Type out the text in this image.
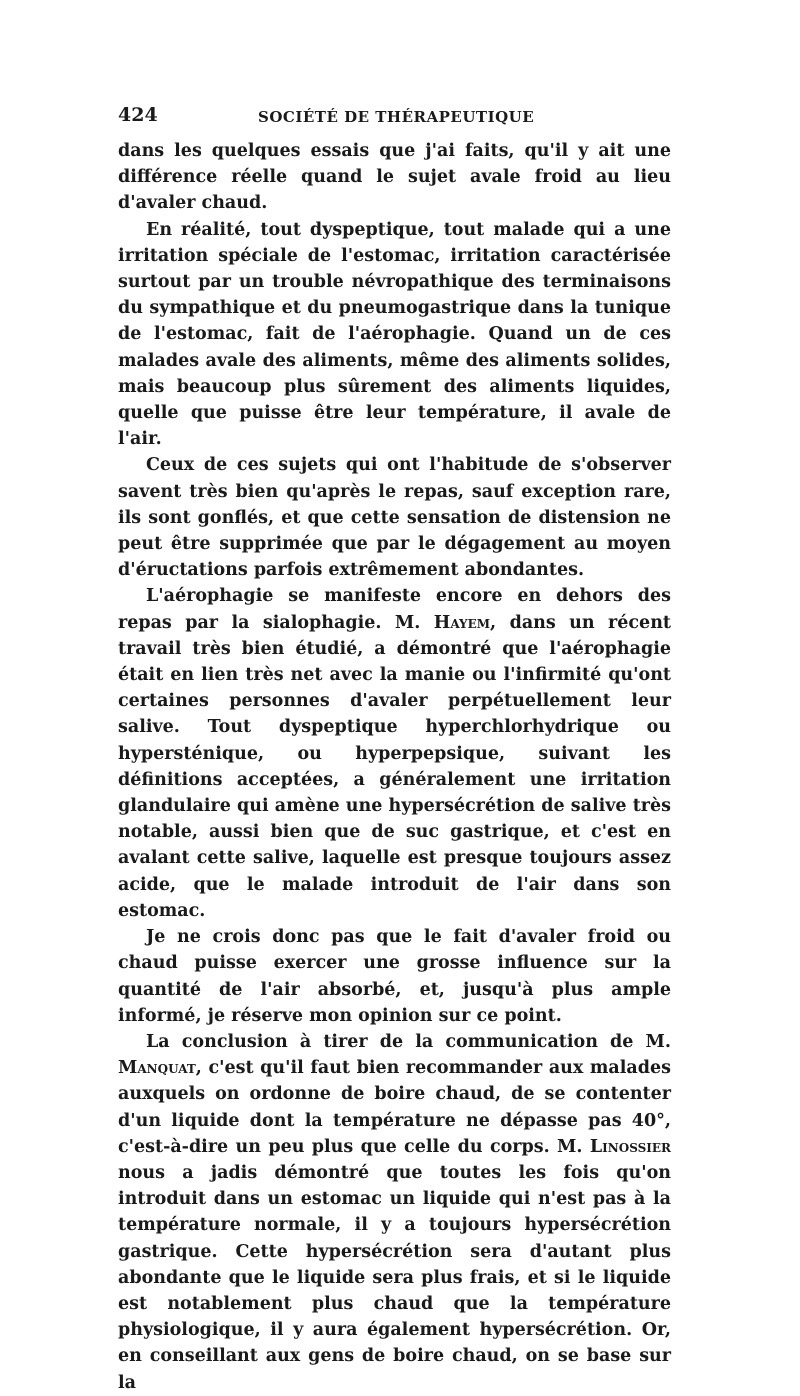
424	SOCIÉTÉ DE THÉRAPEUTIQUE

dans les quelques essais que j'ai faits, qu'il y ait une différence réelle quand le sujet avale froid au lieu d'avaler chaud.

En réalité, tout dyspeptique, tout malade qui a une irritation spéciale de l'estomac, irritation caractérisée surtout par un trouble névropathique des terminaisons du sympathique et du pneumogastrique dans la tunique de l'estomac, fait de l'aérophagie. Quand un de ces malades avale des aliments, même des aliments solides, mais beaucoup plus sûrement des aliments liquides, quelle que puisse être leur température, il avale de l'air.

Ceux de ces sujets qui ont l'habitude de s'observer savent très bien qu'après le repas, sauf exception rare, ils sont gonflés, et que cette sensation de distension ne peut être supprimée que par le dégagement au moyen d'éructations parfois extrêmement abondantes.

L'aérophagie se manifeste encore en dehors des repas par la sialophagie. M. Hayem, dans un récent travail très bien étudié, a démontré que l'aérophagie était en lien très net avec la manie ou l'infirmité qu'ont certaines personnes d'avaler perpétuellement leur salive. Tout dyspeptique hyperchlorhydrique ou hypersténique, ou hyperpepsique, suivant les définitions acceptées, a généralement une irritation glandulaire qui amène une hypersécrétion de salive très notable, aussi bien que de suc gastrique, et c'est en avalant cette salive, laquelle est presque toujours assez acide, que le malade introduit de l'air dans son estomac.

Je ne crois donc pas que le fait d'avaler froid ou chaud puisse exercer une grosse influence sur la quantité de l'air absorbé, et, jusqu'à plus ample informé, je réserve mon opinion sur ce point.

La conclusion à tirer de la communication de M. Manquat, c'est qu'il faut bien recommander aux malades auxquels on ordonne de boire chaud, de se contenter d'un liquide dont la température ne dépasse pas 40°, c'est-à-dire un peu plus que celle du corps. M. Linossier nous a jadis démontré que toutes les fois qu'on introduit dans un estomac un liquide qui n'est pas à la température normale, il y a toujours hypersécrétion gastrique. Cette hypersécrétion sera d'autant plus abondante que le liquide sera plus frais, et si le liquide est notablement plus chaud que la température physiologique, il y aura également hypersécrétion. Or, en conseillant aux gens de boire chaud, on se base sur la
